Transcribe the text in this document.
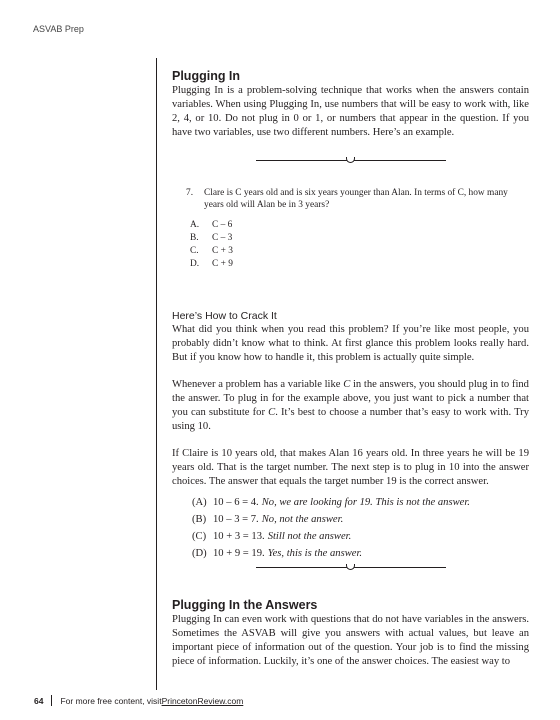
ASVAB Prep
Plugging In

Plugging In is a problem-solving technique that works when the answers contain variables. When using Plugging In, use numbers that will be easy to work with, like 2, 4, or 10. Do not plug in 0 or 1, or numbers that appear in the question. If you have two variables, use two different numbers. Here’s an example.

7.	Clare is C years old and is six years younger than Alan. In terms of C, how many years old will Alan be in 3 years?
A.	C – 6
B.	C – 3
C.	C + 3
D.	C + 9
Here’s How to Crack It

What did you think when you read this problem? If you’re like most people, you probably didn’t know what to think. At first glance this problem looks really hard. But if you know how to handle it, this problem is actually quite simple.

Whenever a problem has a variable like C in the answers, you should plug in to find the answer. To plug in for the example above, you just want to pick a number that you can substitute for C. It’s best to choose a number that’s easy to work with. Try using 10.

If Claire is 10 years old, that makes Alan 16 years old. In three years he will be 19 years old. That is the target number. The next step is to plug in 10 into the answer choices. The answer that equals the target number 19 is the correct answer.

(A) 10 – 6 = 4. No, we are looking for 19. This is not the answer.
(B) 10 – 3 = 7. No, not the answer.
(C) 10 + 3 = 13. Still not the answer.
(D) 10 + 9 = 19. Yes, this is the answer.
Plugging In the Answers

Plugging In can even work with questions that do not have variables in the answers. Sometimes the ASVAB will give you answers with actual values, but leave an important piece of information out of the question. Your job is to find the missing piece of information. Luckily, it’s one of the answer choices. The easiest way to

64 For more free content, visit PrincetonReview.com
